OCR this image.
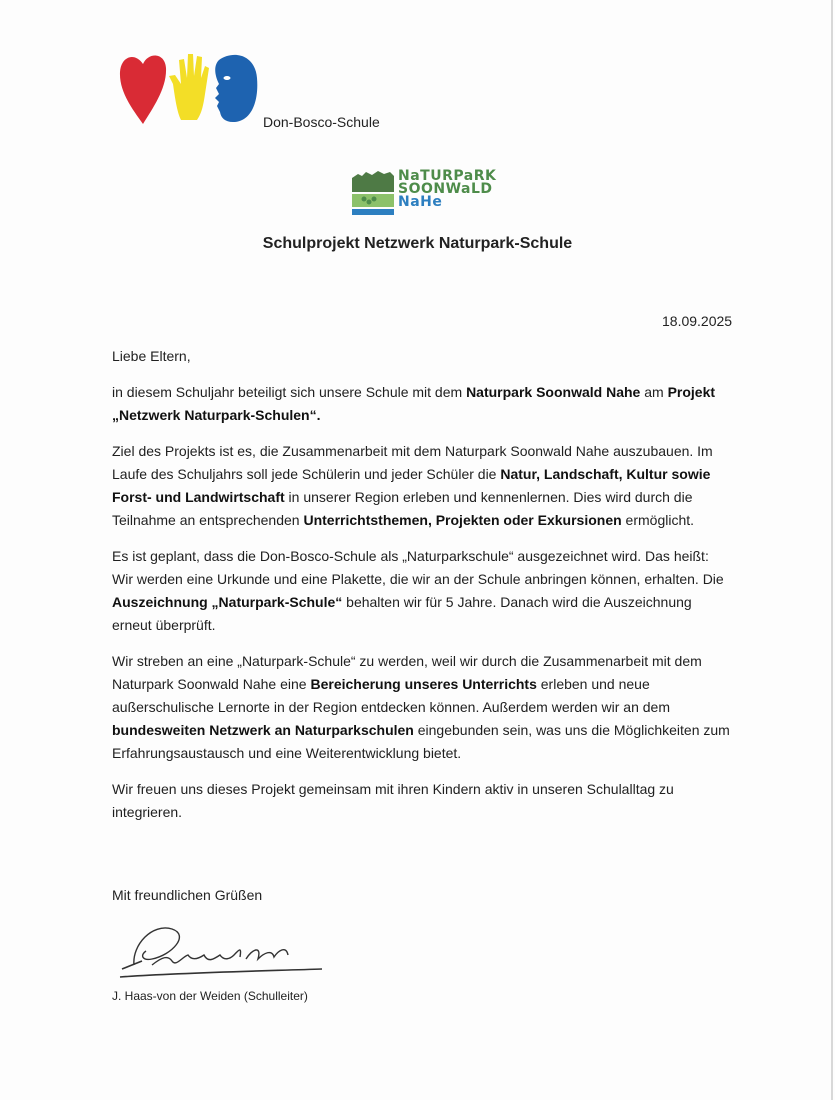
Don-Bosco-Schule
NaTURPaRK
SOONWaLD
NaHe
Schulprojekt Netzwerk Naturpark-Schule
18.09.2025

Liebe Eltern,

in diesem Schuljahr beteiligt sich unsere Schule mit dem Naturpark Soonwald Nahe am Projekt „Netzwerk Naturpark-Schulen“.

Ziel des Projekts ist es, die Zusammenarbeit mit dem Naturpark Soonwald Nahe auszubauen. Im Laufe des Schuljahrs soll jede Schülerin und jeder Schüler die Natur, Landschaft, Kultur sowie Forst- und Landwirtschaft in unserer Region erleben und kennenlernen. Dies wird durch die Teilnahme an entsprechenden Unterrichtsthemen, Projekten oder Exkursionen ermöglicht.

Es ist geplant, dass die Don-Bosco-Schule als „Naturparkschule“ ausgezeichnet wird. Das heißt: Wir werden eine Urkunde und eine Plakette, die wir an der Schule anbringen können, erhalten. Die Auszeichnung „Naturpark-Schule“ behalten wir für 5 Jahre. Danach wird die Auszeichnung erneut überprüft.

Wir streben an eine „Naturpark-Schule“ zu werden, weil wir durch die Zusammenarbeit mit dem Naturpark Soonwald Nahe eine Bereicherung unseres Unterrichts erleben und neue außerschulische Lernorte in der Region entdecken können. Außerdem werden wir an dem bundesweiten Netzwerk an Naturparkschulen eingebunden sein, was uns die Möglichkeiten zum Erfahrungsaustausch und eine Weiterentwicklung bietet.

Wir freuen uns dieses Projekt gemeinsam mit ihren Kindern aktiv in unseren Schulalltag zu integrieren.

Mit freundlichen Grüßen
J. Haas-von der Weiden (Schulleiter)
